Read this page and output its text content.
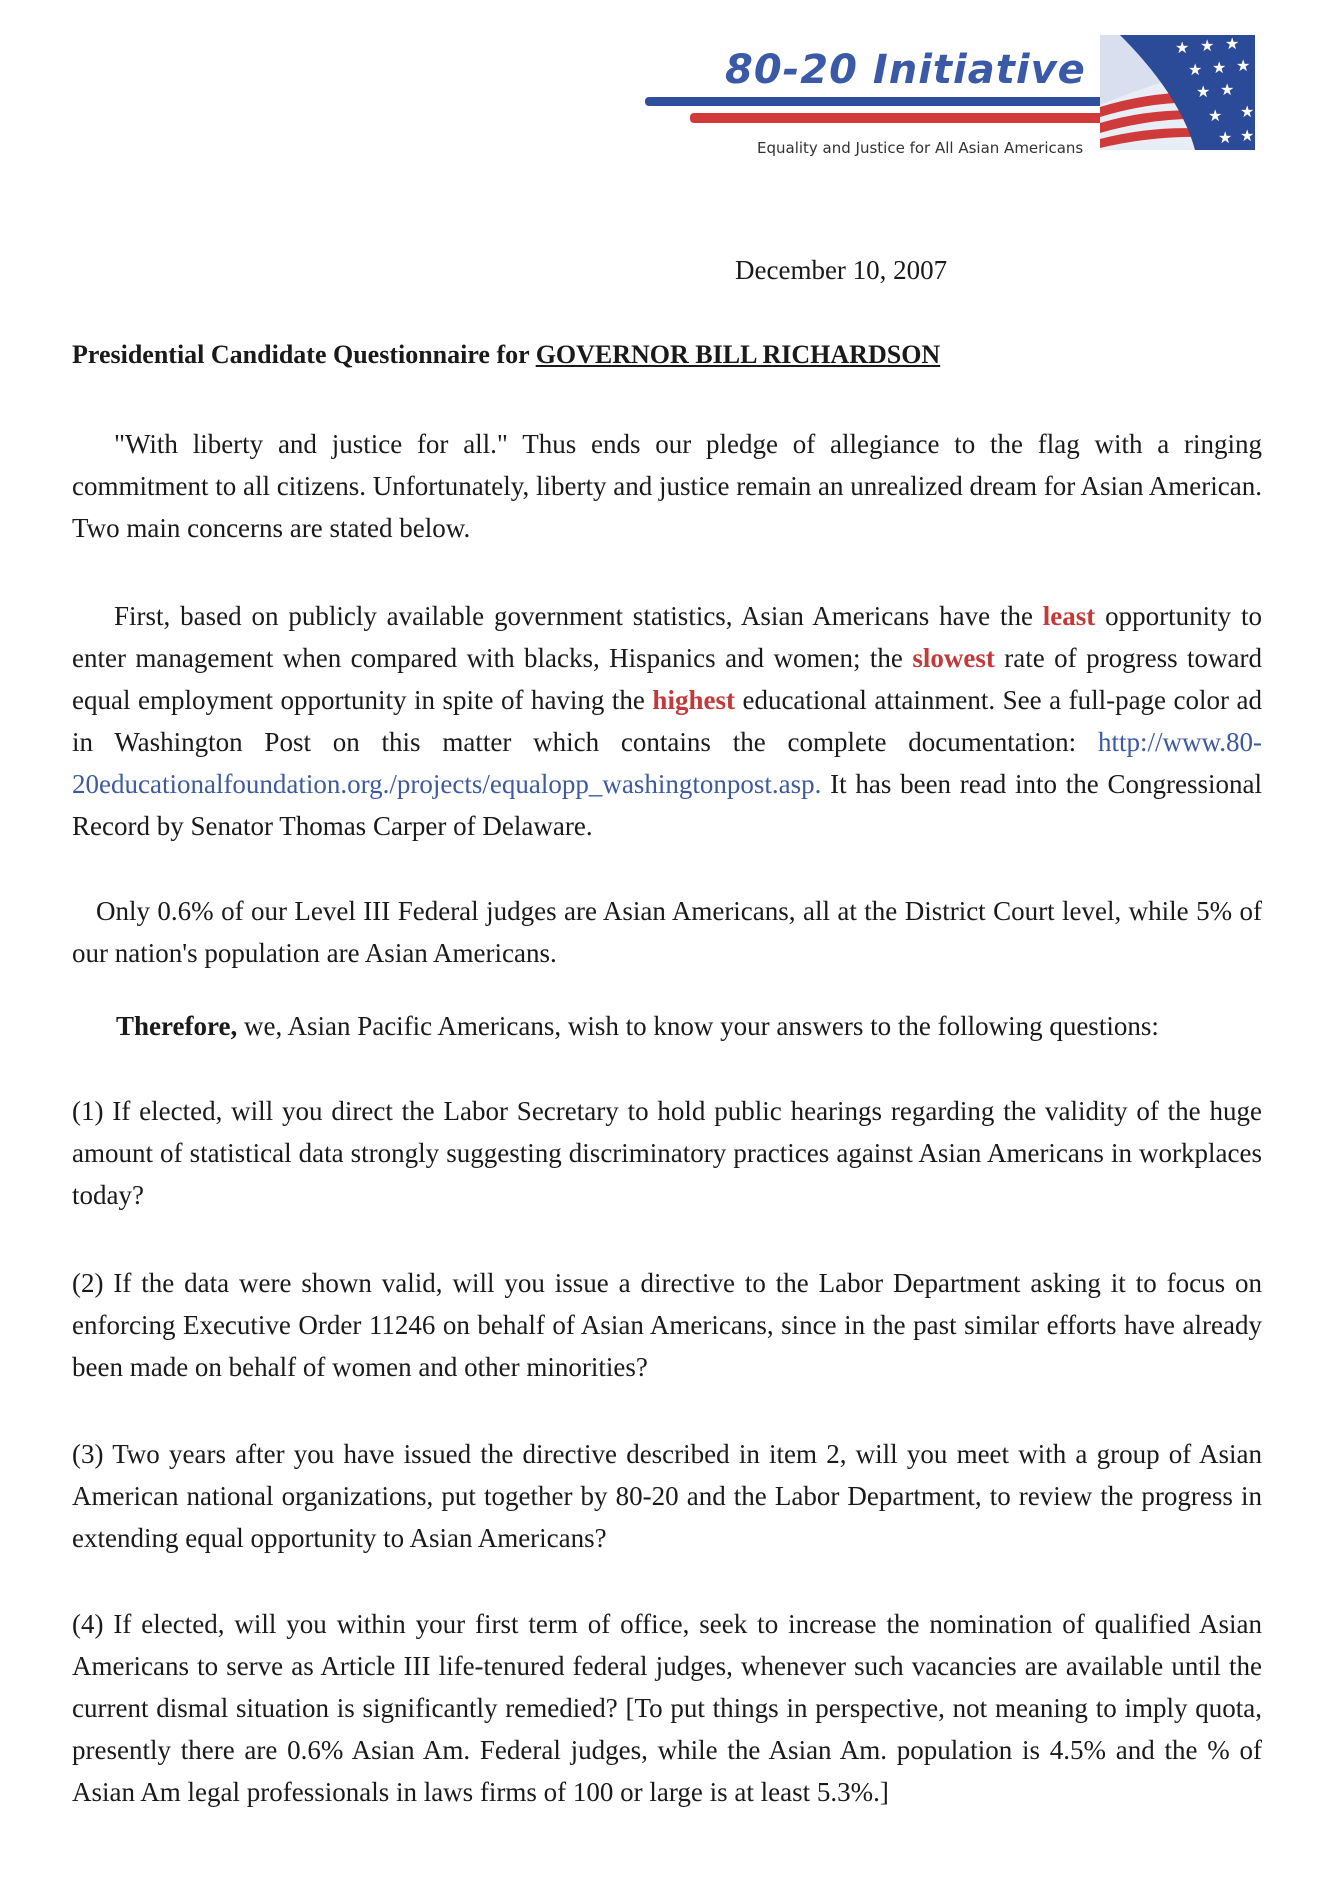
80-20 Initiative	★ ★ ★
★ ★ ★
★ ★
★
★
★ ★
Equality and Justice for All Asian Americans
December 10, 2007
Presidential Candidate Questionnaire for GOVERNOR BILL RICHARDSON
"With liberty and justice for all." Thus ends our pledge of allegiance to the flag with a ringing commitment to all citizens. Unfortunately, liberty and justice remain an unrealized dream for Asian American. Two main concerns are stated below.
First, based on publicly available government statistics, Asian Americans have the least opportunity to enter management when compared with blacks, Hispanics and women; the slowest rate of progress toward equal employment opportunity in spite of having the highest educational attainment. See a full-page color ad in Washington Post on this matter which contains the complete documentation: http://www.80-20educationalfoundation.org./projects/equalopp_washingtonpost.asp. It has been read into the Congressional Record by Senator Thomas Carper of Delaware.
Only 0.6% of our Level III Federal judges are Asian Americans, all at the District Court level, while 5% of our nation's population are Asian Americans.
Therefore, we, Asian Pacific Americans, wish to know your answers to the following questions:
(1) If elected, will you direct the Labor Secretary to hold public hearings regarding the validity of the huge amount of statistical data strongly suggesting discriminatory practices against Asian Americans in workplaces today?
(2) If the data were shown valid, will you issue a directive to the Labor Department asking it to focus on enforcing Executive Order 11246 on behalf of Asian Americans, since in the past similar efforts have already been made on behalf of women and other minorities?
(3) Two years after you have issued the directive described in item 2, will you meet with a group of Asian American national organizations, put together by 80-20 and the Labor Department, to review the progress in extending equal opportunity to Asian Americans?
(4) If elected, will you within your first term of office, seek to increase the nomination of qualified Asian Americans to serve as Article III life-tenured federal judges, whenever such vacancies are available until the current dismal situation is significantly remedied? [To put things in perspective, not meaning to imply quota, presently there are 0.6% Asian Am. Federal judges, while the Asian Am. population is 4.5% and the % of Asian Am legal professionals in laws firms of 100 or large is at least 5.3%.]
